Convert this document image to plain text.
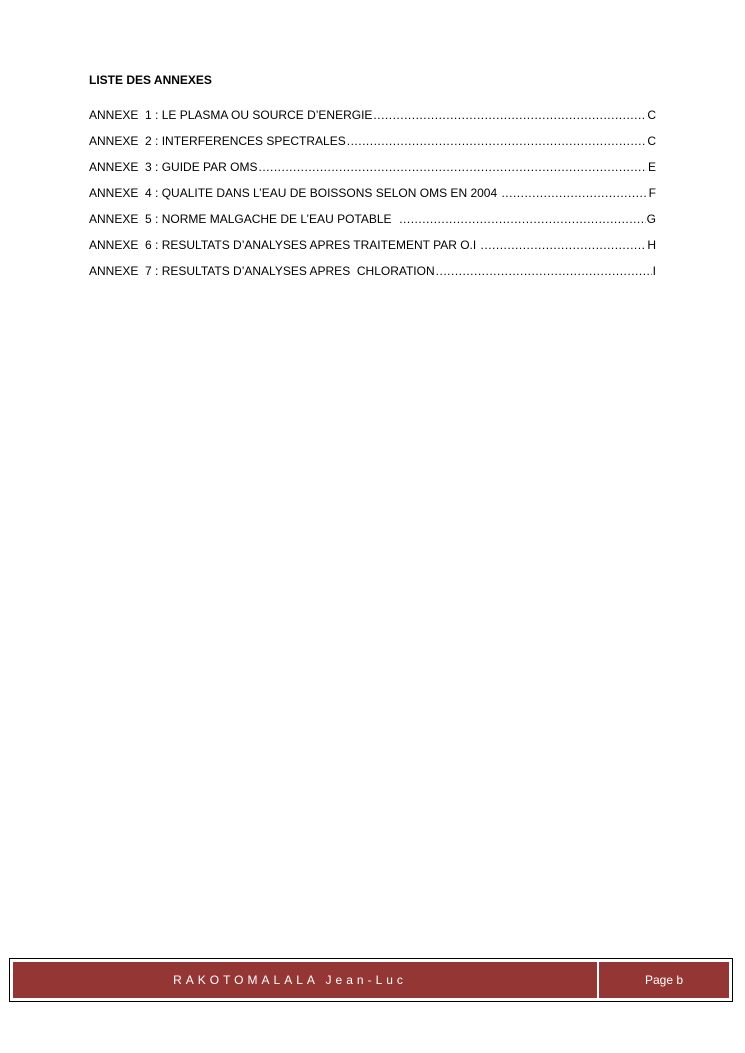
LISTE DES ANNEXES
ANNEXE  1 : LE PLASMA OU SOURCE D’ENERGIE .....	C
ANNEXE  2 : INTERFERENCES SPECTRALES .....	C
ANNEXE  3 : GUIDE PAR OMS .....	E
ANNEXE  4 : QUALITE DANS L’EAU DE BOISSONS SELON OMS EN 2004 .....	F
ANNEXE  5 : NORME MALGACHE DE L’EAU POTABLE .....	G
ANNEXE  6 : RESULTATS D’ANALYSES APRES TRAITEMENT PAR O.I .....	H
ANNEXE  7 : RESULTATS D’ANALYSES APRES  CHLORATION .....	I
RAKOTOMALALA Jean-Luc	Page b
